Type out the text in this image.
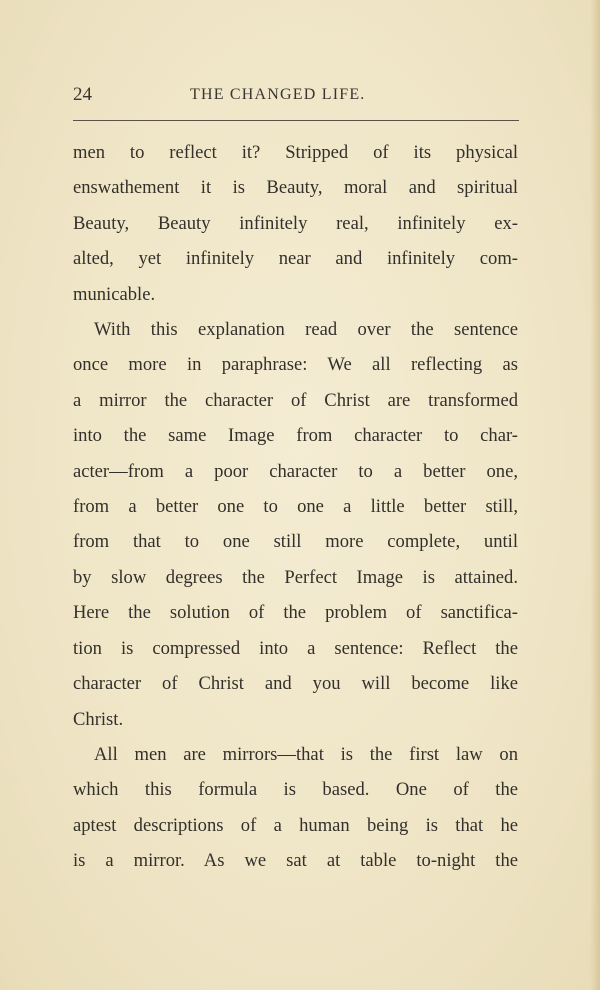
24	THE CHANGED LIFE.

men to reflect it? Stripped of its physical
enswathement it is Beauty, moral and spiritual
Beauty, Beauty infinitely real, infinitely ex-
alted, yet infinitely near and infinitely com-
municable.

With this explanation read over the sentence
once more in paraphrase: We all reflecting as
a mirror the character of Christ are transformed
into the same Image from character to char-
acter—from a poor character to a better one,
from a better one to one a little better still,
from that to one still more complete, until
by slow degrees the Perfect Image is attained.
Here the solution of the problem of sanctifica-
tion is compressed into a sentence: Reflect the
character of Christ and you will become like
Christ.

All men are mirrors—that is the first law on
which this formula is based. One of the
aptest descriptions of a human being is that he
is a mirror. As we sat at table to-night the
